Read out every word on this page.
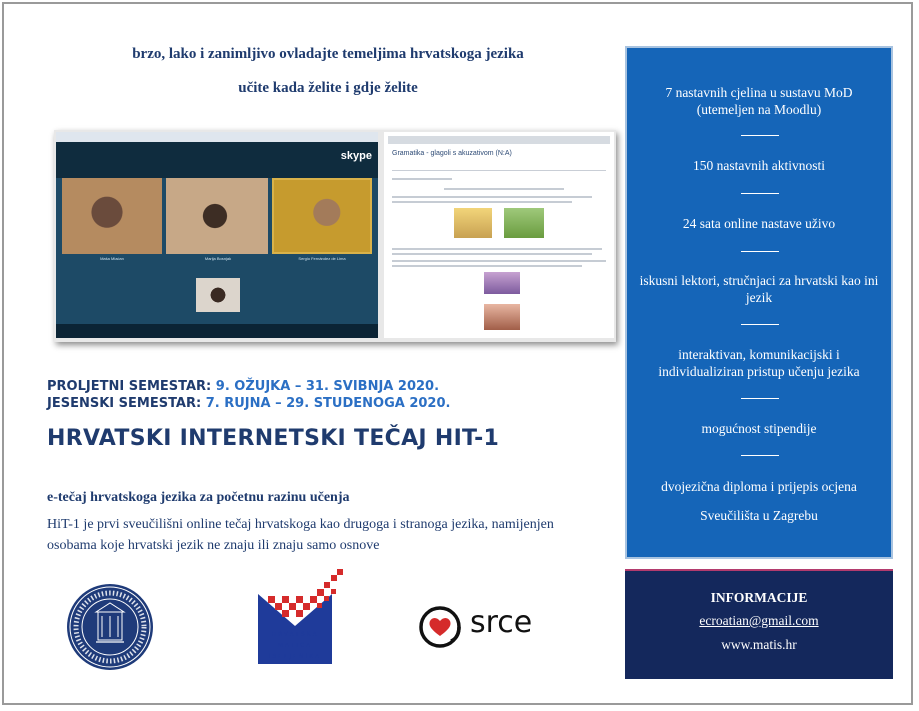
brzo, lako i zanimljivo ovladajte temeljima hrvatskoga jezika
učite kada želite i gdje želite
skype
Maša Mlaćan	Marija Bosnjak	Sergio Fernández de Lima
Gramatika - glagoli s akuzativom (N:A)
PROLJETNI SEMESTAR: 9. OŽUJKA – 31. SVIBNJA 2020.
JESENSKI SEMESTAR: 7. RUJNA – 29. STUDENOGA 2020.
HRVATSKI INTERNETSKI TEČAJ HIT-1
e-tečaj hrvatskoga jezika za početnu razinu učenja
HiT-1 je prvi sveučilišni online tečaj hrvatskoga kao drugoga i stranoga jezika, namijenjen osobama koje hrvatski jezik ne znaju ili znaju samo osnove
HRVATSKA
MATICA
ISELJENIKA
srce
7 nastavnih cjelina u sustavu MoD (utemeljen na Moodlu)
150 nastavnih aktivnosti
24 sata online nastave uživo
iskusni lektori, stručnjaci za hrvatski kao ini jezik
interaktivan, komunikacijski i individualiziran pristup učenju jezika
mogućnost stipendije
dvojezična diploma i prijepis ocjena
Sveučilišta u Zagrebu
INFORMACIJE
ecroatian@gmail.com
www.matis.hr
